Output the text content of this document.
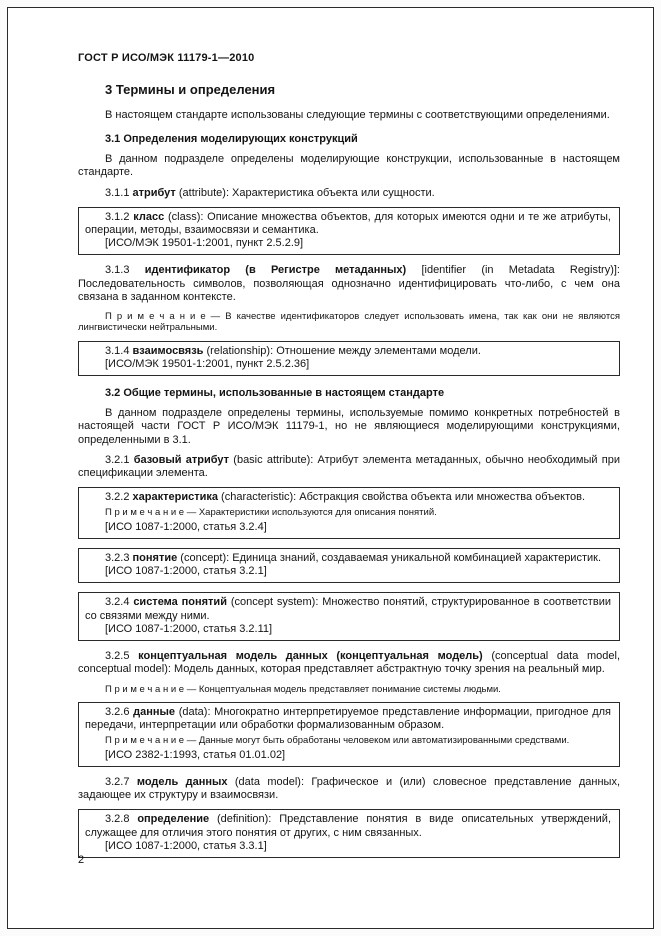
ГОСТ Р ИСО/МЭК 11179-1—2010
3 Термины и определения

В настоящем стандарте использованы следующие термины с соответствующими определениями.

3.1 Определения моделирующих конструкций

В данном подразделе определены моделирующие конструкции, использованные в настоящем стандарте.

3.1.1 атрибут (attribute): Характеристика объекта или сущности.

3.1.2 класс (class): Описание множества объектов, для которых имеются одни и те же атрибуты, операции, методы, взаимосвязи и семантика.

[ИСО/МЭК 19501-1:2001, пункт 2.5.2.9]

3.1.3 идентификатор (в Регистре метаданных) [identifier (in Metadata Registry)]: Последовательность символов, позволяющая однозначно идентифицировать что-либо, с чем она связана в заданном контексте.

П р и м е ч а н и е — В качестве идентификаторов следует использовать имена, так как они не являются лингвистически нейтральными.

3.1.4 взаимосвязь (relationship): Отношение между элементами модели.

[ИСО/МЭК 19501-1:2001, пункт 2.5.2.36]

3.2 Общие термины, использованные в настоящем стандарте

В данном подразделе определены термины, используемые помимо конкретных потребностей в настоящей части ГОСТ Р ИСО/МЭК 11179-1, но не являющиеся моделирующими конструкциями, определенными в 3.1.

3.2.1 базовый атрибут (basic attribute): Атрибут элемента метаданных, обычно необходимый при спецификации элемента.

3.2.2 характеристика (characteristic): Абстракция свойства объекта или множества объектов.

П р и м е ч а н и е — Характеристики используются для описания понятий.

[ИСО 1087-1:2000, статья 3.2.4]

3.2.3 понятие (concept): Единица знаний, создаваемая уникальной комбинацией характеристик.

[ИСО 1087-1:2000, статья 3.2.1]

3.2.4 система понятий (concept system): Множество понятий, структурированное в соответствии со связями между ними.

[ИСО 1087-1:2000, статья 3.2.11]

3.2.5 концептуальная модель данных (концептуальная модель) (conceptual data model, conceptual model): Модель данных, которая представляет абстрактную точку зрения на реальный мир.

П р и м е ч а н и е — Концептуальная модель представляет понимание системы людьми.

3.2.6 данные (data): Многократно интерпретируемое представление информации, пригодное для передачи, интерпретации или обработки формализованным образом.

П р и м е ч а н и е — Данные могут быть обработаны человеком или автоматизированными средствами.

[ИСО 2382-1:1993, статья 01.01.02]

3.2.7 модель данных (data model): Графическое и (или) словесное представление данных, задающее их структуру и взаимосвязи.

3.2.8 определение (definition): Представление понятия в виде описательных утверждений, служащее для отличия этого понятия от других, с ним связанных.

[ИСО 1087-1:2000, статья 3.3.1]

2
